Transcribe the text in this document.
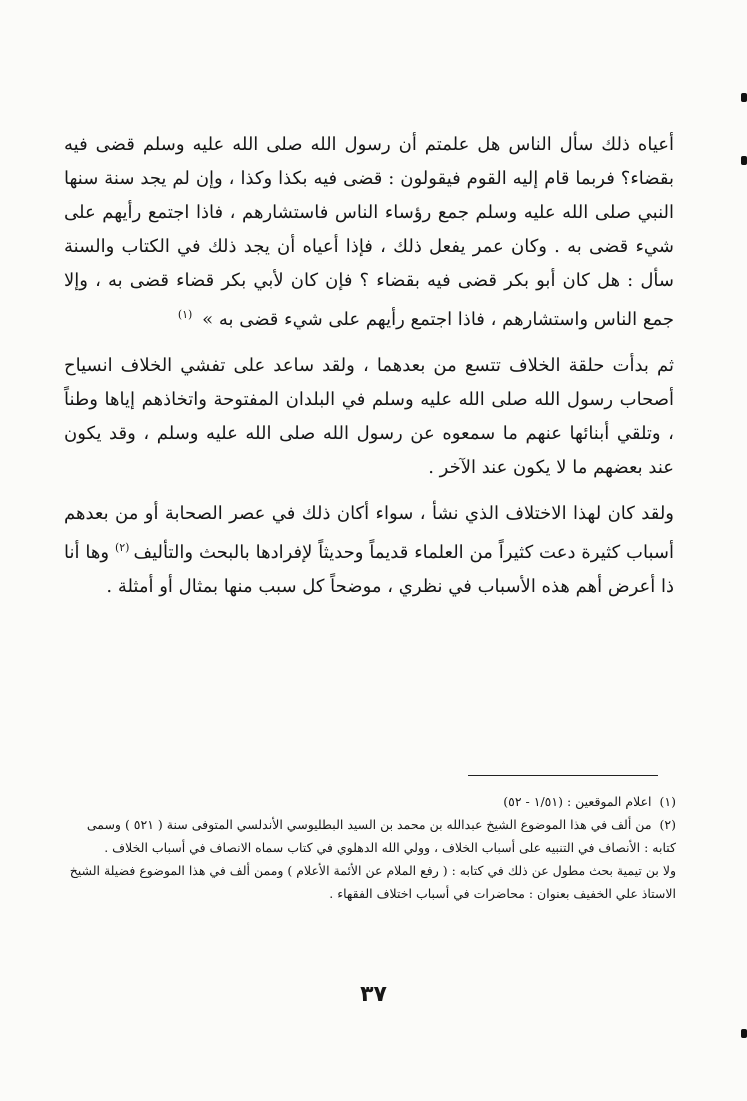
أعياه ذلك سأل الناس هل علمتم أن رسول الله صلى الله عليه وسلم قضى فيه بقضاء؟ فربما قام إليه القوم فيقولون : قضى فيه بكذا وكذا ، وإن لم يجد سنة سنها النبي صلى الله عليه وسلم جمع رؤساء الناس فاستشارهم ، فاذا اجتمع رأيهم على شيء قضى به . وكان عمر يفعل ذلك ، فإذا أعياه أن يجد ذلك في الكتاب والسنة سأل : هل كان أبو بكر قضى فيه بقضاء ؟ فإن كان لأبي بكر قضاء قضى به ، وإلا جمع الناس واستشارهم ، فاذا اجتمع رأيهم على شيء قضى به » $^{(١)}$

ثم بدأت حلقة الخلاف تتسع من بعدهما ، ولقد ساعد على تفشي الخلاف انسياح أصحاب رسول الله صلى الله عليه وسلم في البلدان المفتوحة واتخاذهم إياها وطناً ، وتلقي أبنائها عنهم ما سمعوه عن رسول الله صلى الله عليه وسلم ، وقد يكون عند بعضهم ما لا يكون عند الآخر .

ولقد كان لهذا الاختلاف الذي نشأ ، سواء أكان ذلك في عصر الصحابة أو من بعدهم أسباب كثيرة دعت كثيراً من العلماء قديماً وحديثاً لإفرادها بالبحث والتأليف$^{(٢)}$ وها أنا ذا أعرض أهم هذه الأسباب في نظري ، موضحاً كل سبب منها بمثال أو أمثلة .

(١) اعلام الموقعين : (١/٥١ - ٥٢)

(٢) من ألف في هذا الموضوع الشيخ عبدالله بن محمد بن السيد البطليوسي الأندلسي المتوفى سنة ( ٥٢١ ) وسمى كتابه : الأنصاف في التنبيه على أسباب الخلاف ، وولي الله الدهلوي في كتاب سماه الانصاف في أسباب الخلاف .

ولا بن تيمية بحث مطول عن ذلك في كتابه : ( رفع الملام عن الأئمة الأعلام ) وممن ألف في هذا الموضوع فضيلة الشيخ الاستاذ علي الخفيف بعنوان : محاضرات في أسباب اختلاف الفقهاء .

٣٧
